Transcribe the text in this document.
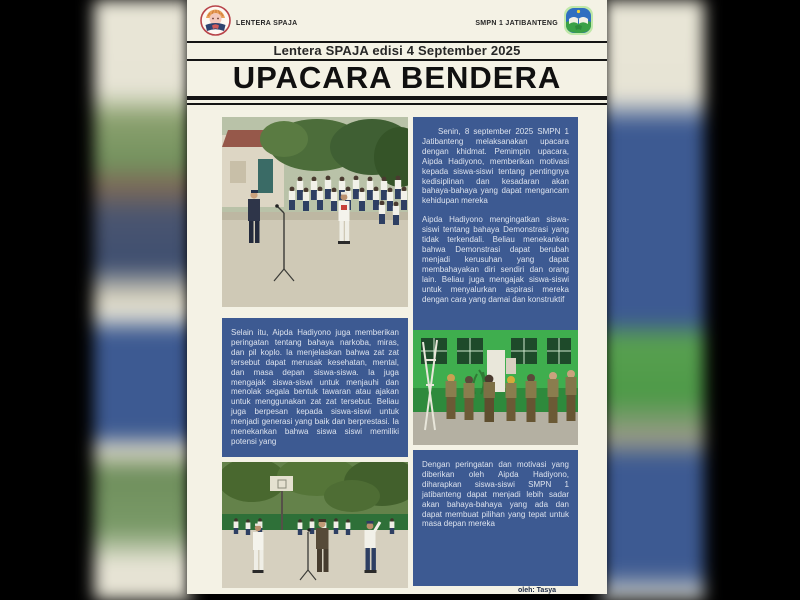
LENTERA SPAJA	SMPN 1 JATIBANTENG
Lentera SPAJA edisi 4 September 2025
UPACARA BENDERA

Selain itu, Aipda Hadiyono juga memberikan peringatan tentang bahaya narkoba, miras, dan pil koplo. Ia menjelaskan bahwa zat zat tersebut dapat merusak kesehatan, mental, dan masa depan siswa-siswa. Ia juga mengajak siswa-siswi untuk menjauhi dan menolak segala bentuk tawaran atau ajakan untuk menggunakan zat zat tersebut. Beliau juga berpesan kepada siswa-siswi untuk menjadi generasi yang baik dan berprestasi. Ia menekankan bahwa siswa siswi memiliki potensi yang

Senin, 8 september 2025 SMPN 1 Jatibanteng melaksanakan upacara dengan khidmat. Pemimpin upacara, Aipda Hadiyono, memberikan motivasi kepada siswa-siswi tentang pentingnya kedisiplinan dan kesadaran akan bahaya-bahaya yang dapat mengancam kehidupan mereka

Aipda Hadiyono mengingatkan siswa-siswi tentang bahaya Demonstrasi yang tidak terkendali. Beliau menekankan bahwa Demonstrasi dapat berubah menjadi kerusuhan yang dapat membahayakan diri sendiri dan orang lain. Beliau juga mengajak siswa-siswi untuk menyalurkan aspirasi mereka dengan cara yang damai dan konstruktif

Dengan peringatan dan motivasi yang diberikan oleh Aipda Hadiyono, diharapkan siswa-siswi SMPN 1 jatibanteng dapat menjadi lebih sadar akan bahaya-bahaya yang ada dan dapat membuat pilihan yang tepat untuk masa depan mereka

oleh: Tasya
